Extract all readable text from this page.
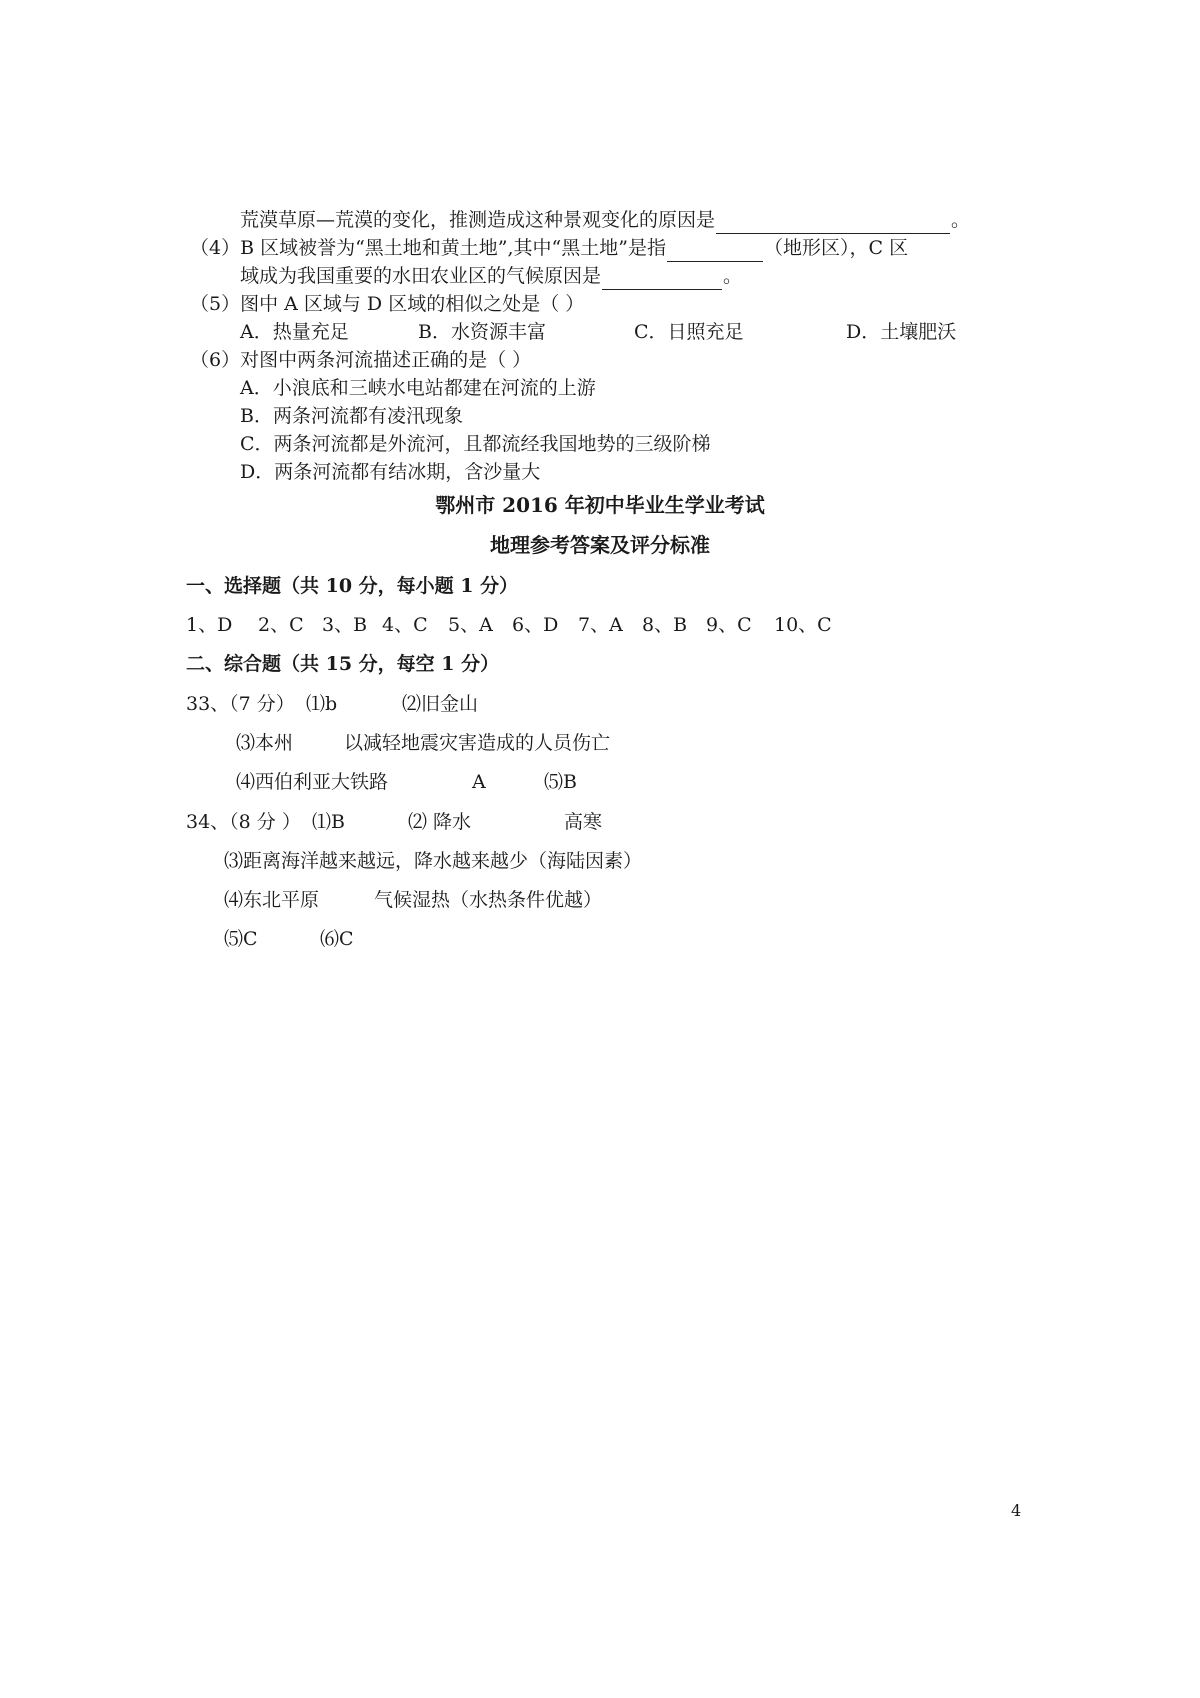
荒漠草原—荒漠的变化，推测造成这种景观变化的原因是	。
（4）B 区域被誉为“黑土地和黄土地”,其中“黑土地”是指	（地形区），C 区
域成为我国重要的水田农业区的气候原因是	。
（5）图中 A 区域与 D 区域的相似之处是（ ）
A．热量充足	B．水资源丰富	C．日照充足	D．土壤肥沃
（6）对图中两条河流描述正确的是（ ）
A．小浪底和三峡水电站都建在河流的上游
B．两条河流都有凌汛现象
C．两条河流都是外流河，且都流经我国地势的三级阶梯
D．两条河流都有结冰期，含沙量大
鄂州市 2016 年初中毕业生学业考试
地理参考答案及评分标准
一、选择题（共 10 分，每小题 1 分）
1、D 2、C 3、B 4、C 5、A 6、D 7、A 8、B 9、C 10、C
二、综合题（共 15 分，每空 1 分）
33、（7 分） ⑴b	⑵旧金山
⑶本州	以减轻地震灾害造成的人员伤亡
⑷西伯利亚大铁路	A	⑸B
34、（8 分 ） ⑴B	⑵ 降水	高寒
⑶距离海洋越来越远，降水越来越少（海陆因素）
⑷东北平原	气候湿热（水热条件优越）
⑸C	⑹C
4
